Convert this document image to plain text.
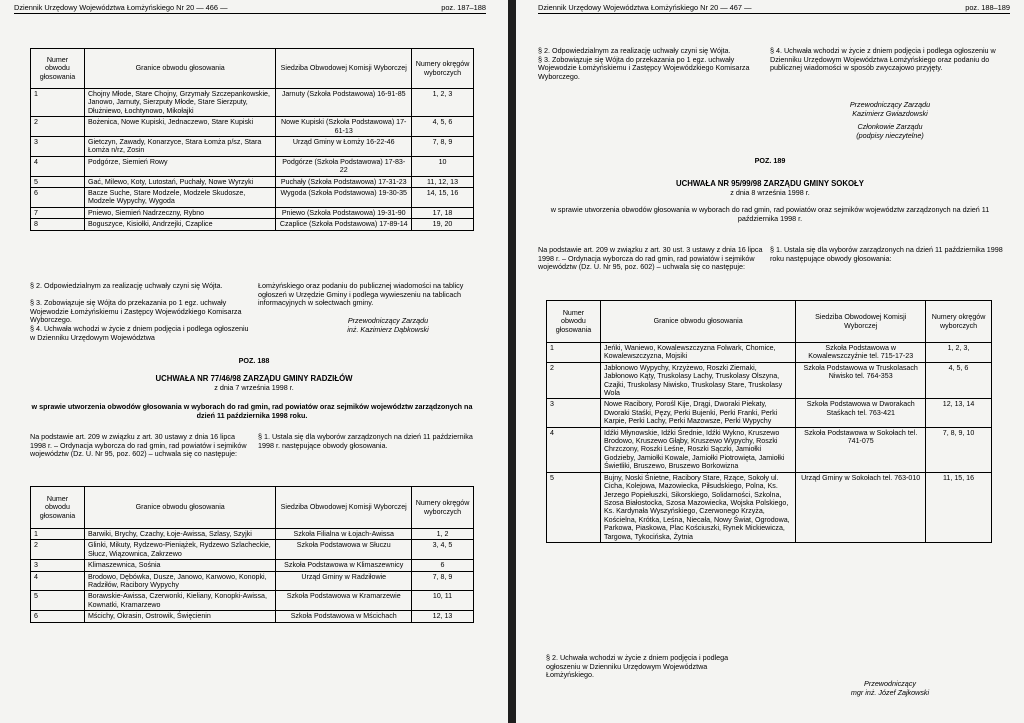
Dziennik Urzędowy Województwa Łomżyńskiego Nr 20 — 466 —	poz. 187–188
Numer obwodu głosowania	Granice obwodu głosowania	Siedziba Obwodowej Komisji Wyborczej	Numery okręgów wyborczych
1	Chojny Młode, Stare Chojny, Grzymały Szczepankowskie, Janowo, Jarnuty, Sierzputy Młode, Stare Sierzputy, Dłużniewo, Łochtynowo, Mikołajki	Jarnuty (Szkoła Podstawowa) 16-91-85	1, 2, 3
2	Bożenica, Nowe Kupiski, Jednaczewo, Stare Kupiski	Nowe Kupiski (Szkoła Podstawowa) 17-61-13	4, 5, 6
3	Gietczyn, Zawady, Konarzyce, Stara Łomża p/sz, Stara Łomża n/rz, Zosin	Urząd Gminy w Łomży 16-22-46	7, 8, 9
4	Podgórze, Siemień Rowy	Podgórze (Szkoła Podstawowa) 17-83-22	10
5	Gać, Milewo, Koty, Lutostań, Puchały, Nowe Wyrzyki	Puchały (Szkoła Podstawowa) 17-31-23	11, 12, 13
6	Bacze Suche, Stare Modzele, Modzele Skudosze, Modzele Wypychy, Wygoda	Wygoda (Szkoła Podstawowa) 19-30-35	14, 15, 16
7	Pniewo, Siemień Nadrzeczny, Rybno	Pniewo (Szkoła Podstawowa) 19-31-90	17, 18
8	Boguszyce, Kisiołki, Andrzejki, Czaplice	Czaplice (Szkoła Podstawowa) 17-89-14	19, 20
§ 2. Odpowiedzialnym za realizację uchwały czyni się Wójta.
§ 3. Zobowiązuje się Wójta do przekazania po 1 egz. uchwały Wojewodzie Łomżyńskiemu i Zastępcy Wojewódzkiego Komisarza Wyborczego.
§ 4. Uchwała wchodzi w życie z dniem podjęcia i podlega ogłoszeniu w Dzienniku Urzędowym Województwa
Łomżyńskiego oraz podaniu do publicznej wiadomości na tablicy ogłoszeń w Urzędzie Gminy i podlega wywieszeniu na tablicach informacyjnych w sołectwach gminy.
Przewodniczący Zarządu
inż. Kazimierz Dąbkowski
POZ. 188
UCHWAŁA NR 77/46/98 ZARZĄDU GMINY RADZIŁÓW
z dnia 7 września 1998 r.
w sprawie utworzenia obwodów głosowania w wyborach do rad gmin, rad powiatów oraz sejmików województw zarządzonych na dzień 11 października 1998 roku.
Na podstawie art. 209 w związku z art. 30 ustawy z dnia 16 lipca 1998 r. – Ordynacja wyborcza do rad gmin, rad powiatów i sejmików województw (Dz. U. Nr 95, poz. 602) – uchwala się co następuje:
§ 1. Ustala się dla wyborów zarządzonych na dzień 11 października 1998 r. następujące obwody głosowania.
Numer obwodu głosowania	Granice obwodu głosowania	Siedziba Obwodowej Komisji Wyborczej	Numery okręgów wyborczych
1	Barwiki, Brychy, Czachy, Łoje-Awissa, Szlasy, Szyjki	Szkoła Filialna w Łojach-Awissa	1, 2
2	Glinki, Mikuty, Rydzewo-Pieniążek, Rydzewo Szlacheckie, Słucz, Wiązownica, Zakrzewo	Szkoła Podstawowa w Słuczu	3, 4, 5
3	Klimaszewnica, Sośnia	Szkoła Podstawowa w Klimaszewnicy	6
4	Brodowo, Dębówka, Dusze, Janowo, Karwowo, Konopki, Radziłów, Racibory Wypychy	Urząd Gminy w Radziłowie	7, 8, 9
5	Borawskie-Awissa, Czerwonki, Kieliany, Konopki-Awissa, Kownatki, Kramarzewo	Szkoła Podstawowa w Kramarzewie	10, 11
6	Mścichy, Okrasin, Ostrowik, Święcienin	Szkoła Podstawowa w Mścichach	12, 13
Dziennik Urzędowy Województwa Łomżyńskiego Nr 20 — 467 —	poz. 188–189
§ 2. Odpowiedzialnym za realizację uchwały czyni się Wójta.
§ 3. Zobowiązuje się Wójta do przekazania po 1 egz. uchwały Wojewodzie Łomżyńskiemu i Zastępcy Wojewódzkiego Komisarza Wyborczego.
§ 4. Uchwała wchodzi w życie z dniem podjęcia i podlega ogłoszeniu w Dzienniku Urzędowym Województwa Łomżyńskiego oraz podaniu do publicznej wiadomości w sposób zwyczajowo przyjęty.
Przewodniczący Zarządu
Kazimierz Gwiazdowski
Członkowie Zarządu
(podpisy nieczytelne)
POZ. 189
UCHWAŁA NR 95/99/98 ZARZĄDU GMINY SOKOŁY
z dnia 8 września 1998 r.
w sprawie utworzenia obwodów głosowania w wyborach do rad gmin, rad powiatów oraz sejmików województw zarządzonych na dzień 11 października 1998 r.
Na podstawie art. 209 w związku z art. 30 ust. 3 ustawy z dnia 16 lipca 1998 r. – Ordynacja wyborcza do rad gmin, rad powiatów i sejmików województw (Dz. U. Nr 95, poz. 602) – uchwala się co następuje:
§ 1. Ustala się dla wyborów zarządzonych na dzień 11 października 1998 roku następujące obwody głosowania:
Numer obwodu głosowania	Granice obwodu głosowania	Siedziba Obwodowej Komisji Wyborczej	Numery okręgów wyborczych
1	Jeńki, Waniewo, Kowalewszczyzna Folwark, Chomice, Kowalewszczyzna, Mojsiki	Szkoła Podstawowa w Kowalewszczyźnie tel. 715-17-23	1, 2, 3,
2	Jabłonowo Wypychy, Krzyżewo, Roszki Ziemaki, Jabłonowo Kąty, Truskolasy Lachy, Truskolasy Olszyna, Czajki, Truskolasy Niwisko, Truskolasy Stare, Truskolasy Wola	Szkoła Podstawowa w Truskolasach Niwisko tel. 764-353	4, 5, 6
3	Nowe Racibory, Porośl Kije, Drągi, Dworaki Piekaty, Dworaki Staśki, Pęzy, Perki Bujenki, Perki Franki, Perki Karpie, Perki Lachy, Perki Mazowsze, Perki Wypychy	Szkoła Podstawowa w Dworakach Staśkach tel. 763-421	12, 13, 14
4	Idźki Młynowskie, Idźki Średnie, Idźki Wykno, Kruszewo Brodowo, Kruszewo Głąby, Kruszewo Wypychy, Roszki Chrzczony, Roszki Leśne, Roszki Sączki, Jamiołki Godzieby, Jamiołki Kowale, Jamiołki Piotrowięta, Jamiołki Świetliki, Bruszewo, Bruszewo Borkowizna	Szkoła Podstawowa w Sokołach tel. 741-075	7, 8, 9, 10
5	Bujny, Noski Śnietne, Racibory Stare, Rzące, Sokoły ul. Cicha, Kolejowa, Mazowiecka, Piłsudskiego, Polna, Ks. Jerzego Popiełuszki, Sikorskiego, Solidarności, Szkolna, Szosa Białostocka, Szosa Mazowiecka, Wojska Polskiego, Ks. Kardynała Wyszyńskiego, Czerwonego Krzyża, Kościelna, Krótka, Leśna, Niecała, Nowy Świat, Ogrodowa, Parkowa, Piaskowa, Plac Kościuszki, Rynek Mickiewicza, Targowa, Tykocińska, Żytnia	Urząd Gminy w Sokołach tel. 763-010	11, 15, 16
§ 2. Uchwała wchodzi w życie z dniem podjęcia i podlega ogłoszeniu w Dzienniku Urzędowym Województwa Łomżyńskiego.
Przewodniczący
mgr inż. Józef Zajkowski
